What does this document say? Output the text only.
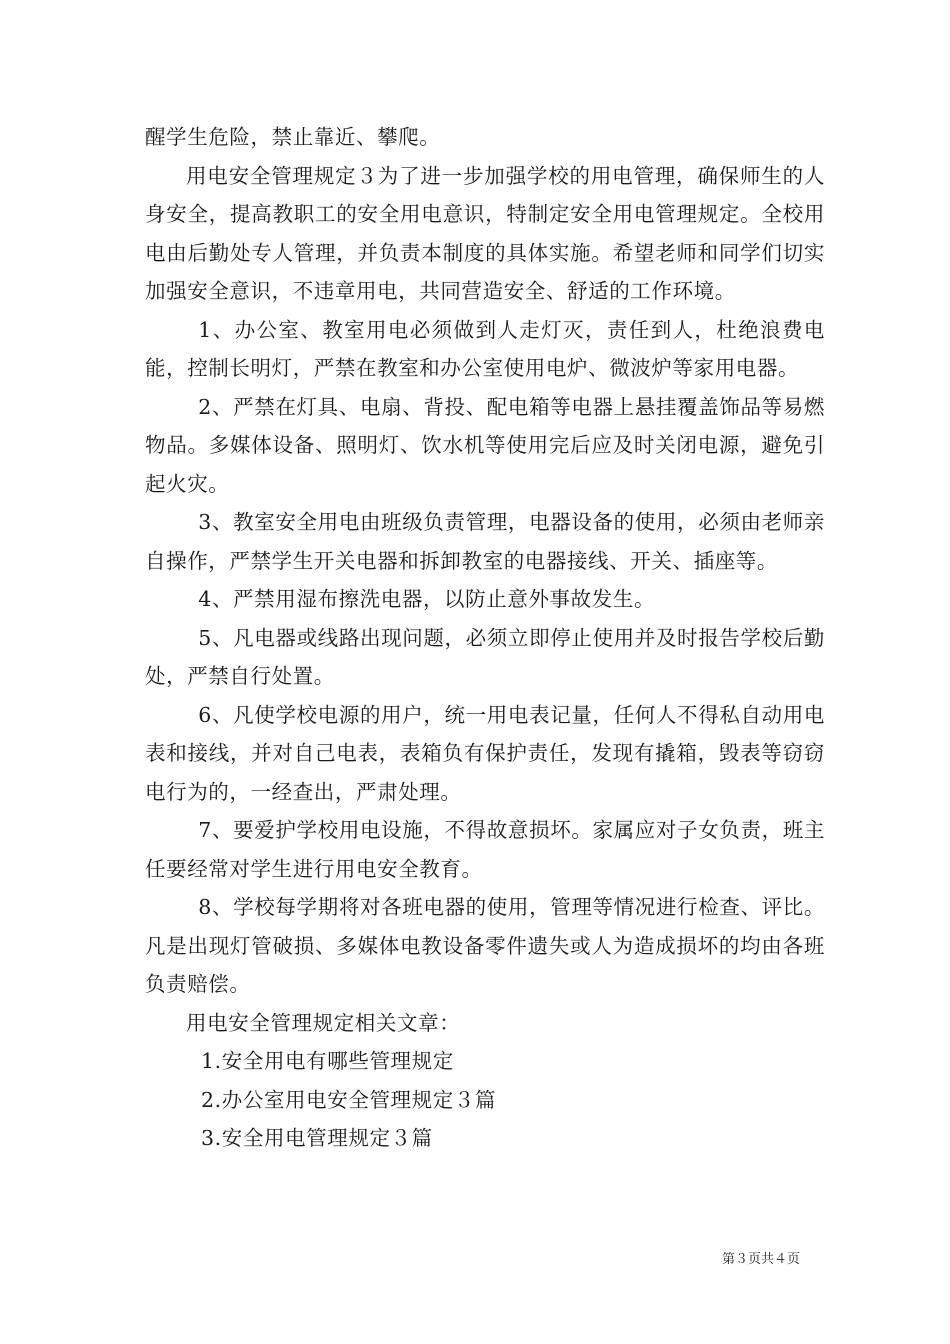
醒学生危险，禁止靠近、攀爬。

用电安全管理规定３为了进一步加强学校的用电管理，确保师生的人身安全，提高教职工的安全用电意识，特制定安全用电管理规定。全校用电由后勤处专人管理，并负责本制度的具体实施。希望老师和同学们切实加强安全意识，不违章用电，共同营造安全、舒适的工作环境。

1、办公室、教室用电必须做到人走灯灭，责任到人，杜绝浪费电能，控制长明灯，严禁在教室和办公室使用电炉、微波炉等家用电器。

2、严禁在灯具、电扇、背投、配电箱等电器上悬挂覆盖饰品等易燃物品。多媒体设备、照明灯、饮水机等使用完后应及时关闭电源，避免引起火灾。

3、教室安全用电由班级负责管理，电器设备的使用，必须由老师亲自操作，严禁学生开关电器和拆卸教室的电器接线、开关、插座等。

4、严禁用湿布擦洗电器，以防止意外事故发生。

5、凡电器或线路出现问题，必须立即停止使用并及时报告学校后勤处，严禁自行处置。

6、凡使学校电源的用户，统一用电表记量，任何人不得私自动用电表和接线，并对自己电表，表箱负有保护责任，发现有撬箱，毁表等窃窃电行为的，一经查出，严肃处理。

7、要爱护学校用电设施，不得故意损坏。家属应对子女负责，班主任要经常对学生进行用电安全教育。

8、学校每学期将对各班电器的使用，管理等情况进行检查、评比。凡是出现灯管破损、多媒体电教设备零件遗失或人为造成损坏的均由各班负责赔偿。

用电安全管理规定相关文章：

1.安全用电有哪些管理规定
2.办公室用电安全管理规定３篇
3.安全用电管理规定３篇
第３页共４页
